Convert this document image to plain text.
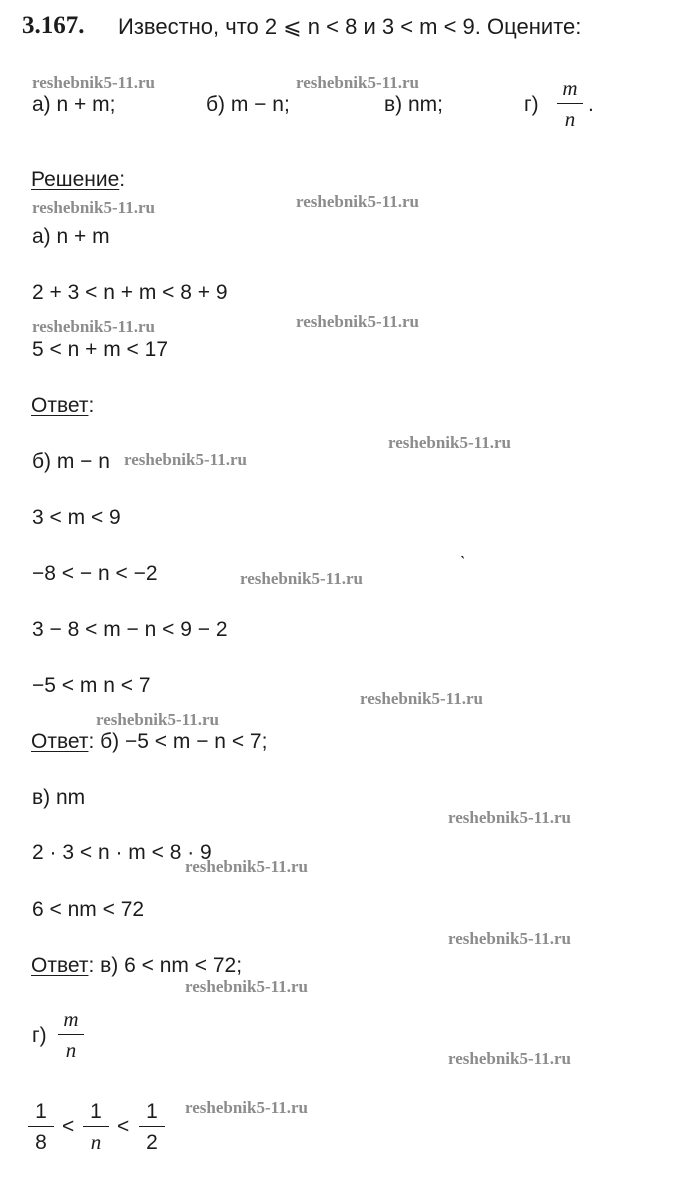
3.167. Известно, что 2 ⩽ n < 8 и 3 < m < 9. Оцените:
а) n + m;	б) m − n;	в) nm;	г)
m
n
.
Решение:
а) n + m
2 + 3 < n + m < 8 + 9
5 < n + m < 17
Ответ:
б) m − n
3 < m < 9
−8 < − n < −2
3 − 8 < m − n < 9 − 2
−5 < m n < 7
Ответ: б) −5 < m − n < 7;
в) nm
2 · 3 < n · m < 8 · 9
6 < nm < 72
Ответ: в) 6 < nm < 72;
г)
m
n
1
8
<
1
n
<
1
2
ˎ
reshebnik5-11.ru	reshebnik5-11.ru
reshebnik5-11.ru	reshebnik5-11.ru
reshebnik5-11.ru	reshebnik5-11.ru
reshebnik5-11.ru
reshebnik5-11.ru
reshebnik5-11.ru
reshebnik5-11.ru
reshebnik5-11.ru
reshebnik5-11.ru
reshebnik5-11.ru
reshebnik5-11.ru
reshebnik5-11.ru
reshebnik5-11.ru
reshebnik5-11.ru
